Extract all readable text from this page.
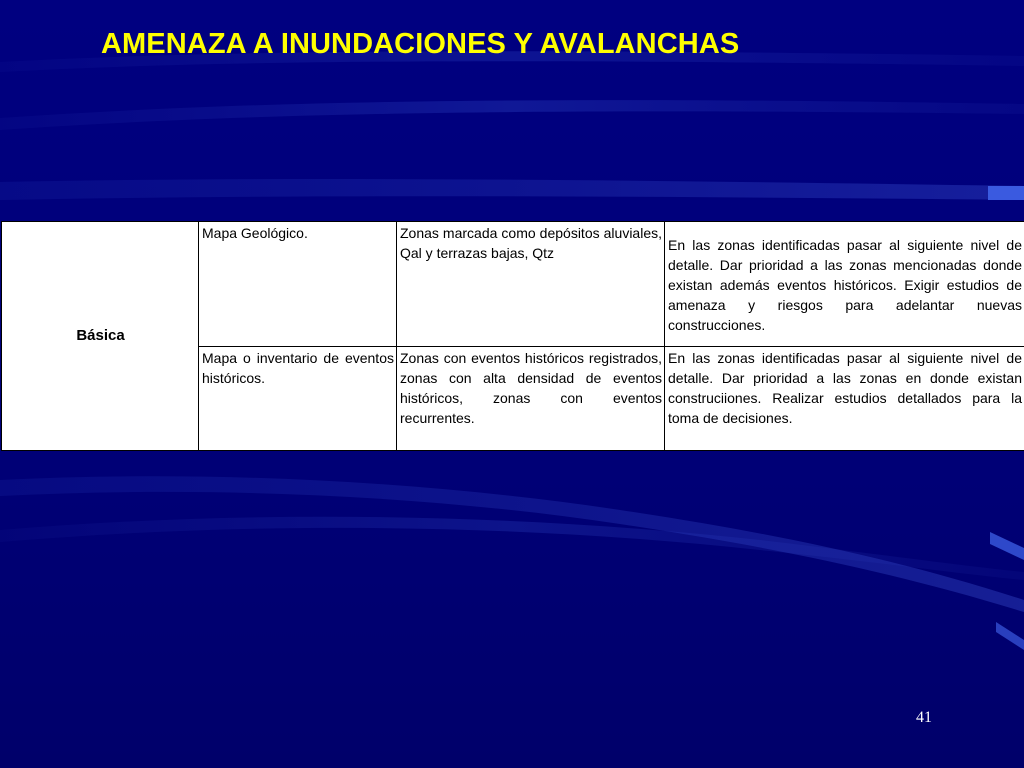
AMENAZA A INUNDACIONES Y AVALANCHAS
Básica	Mapa Geológico.	Zonas marcada como depósitos aluviales, Qal y terrazas bajas, Qtz	En las zonas identificadas pasar al siguiente nivel de detalle. Dar prioridad a las zonas mencionadas donde existan además eventos históricos. Exigir estudios de amenaza y riesgos para adelantar nuevas construcciones.
	Mapa o inventario de eventos históricos.	Zonas con eventos históricos registrados, zonas con alta densidad de eventos históricos, zonas con eventos recurrentes.	En las zonas identificadas pasar al siguiente nivel de detalle. Dar prioridad a las zonas en donde existan construciiones. Realizar estudios detallados para la toma de decisiones.
41
